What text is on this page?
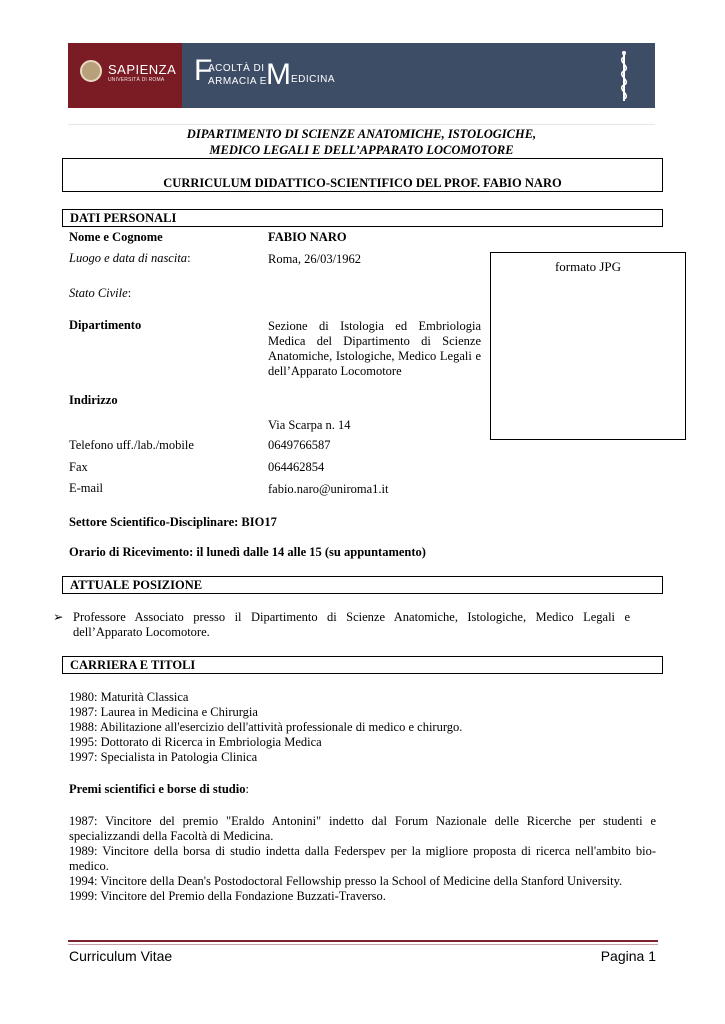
SAPIENZA
UNIVERSITÀ DI ROMA F
ACOLTÀ DI
ARMACIA E MEDICINA
DIPARTIMENTO DI SCIENZE ANATOMICHE, ISTOLOGICHE,
MEDICO LEGALI E DELL’APPARATO LOCOMOTORE
CURRICULUM DIDATTICO-SCIENTIFICO DEL PROF. FABIO NARO
DATI PERSONALI
Nome e Cognome	FABIO NARO
Luogo e data di nascita:	Roma, 26/03/1962
Stato Civile:
Dipartimento	Sezione di Istologia ed Embriologia Medica del Dipartimento di Scienze Anatomiche, Istologiche, Medico Legali e dell’Apparato Locomotore
Indirizzo
Via Scarpa n. 14
Telefono uff./lab./mobile	0649766587
Fax	064462854
E-mail	fabio.naro@uniroma1.it
formato JPG
Settore Scientifico-Disciplinare: BIO17
Orario di Ricevimento: il lunedì dalle 14 alle 15 (su appuntamento)
ATTUALE POSIZIONE
➢ Professore Associato presso il Dipartimento di Scienze Anatomiche, Istologiche, Medico Legali e dell’Apparato Locomotore.
CARRIERA E TITOLI
1980: Maturità Classica
1987: Laurea in Medicina e Chirurgia
1988: Abilitazione all'esercizio dell'attività professionale di medico e chirurgo.
1995: Dottorato di Ricerca in Embriologia Medica
1997: Specialista in Patologia Clinica
Premi scientifici e borse di studio:
1987: Vincitore del premio "Eraldo Antonini" indetto dal Forum Nazionale delle Ricerche per studenti e specializzandi della Facoltà di Medicina.
1989: Vincitore della borsa di studio indetta dalla Federspev per la migliore proposta di ricerca nell'ambito bio-medico.
1994: Vincitore della Dean's Postodoctoral Fellowship presso la School of Medicine della Stanford University.
1999: Vincitore del Premio della Fondazione Buzzati-Traverso.
Curriculum Vitae	Pagina 1
